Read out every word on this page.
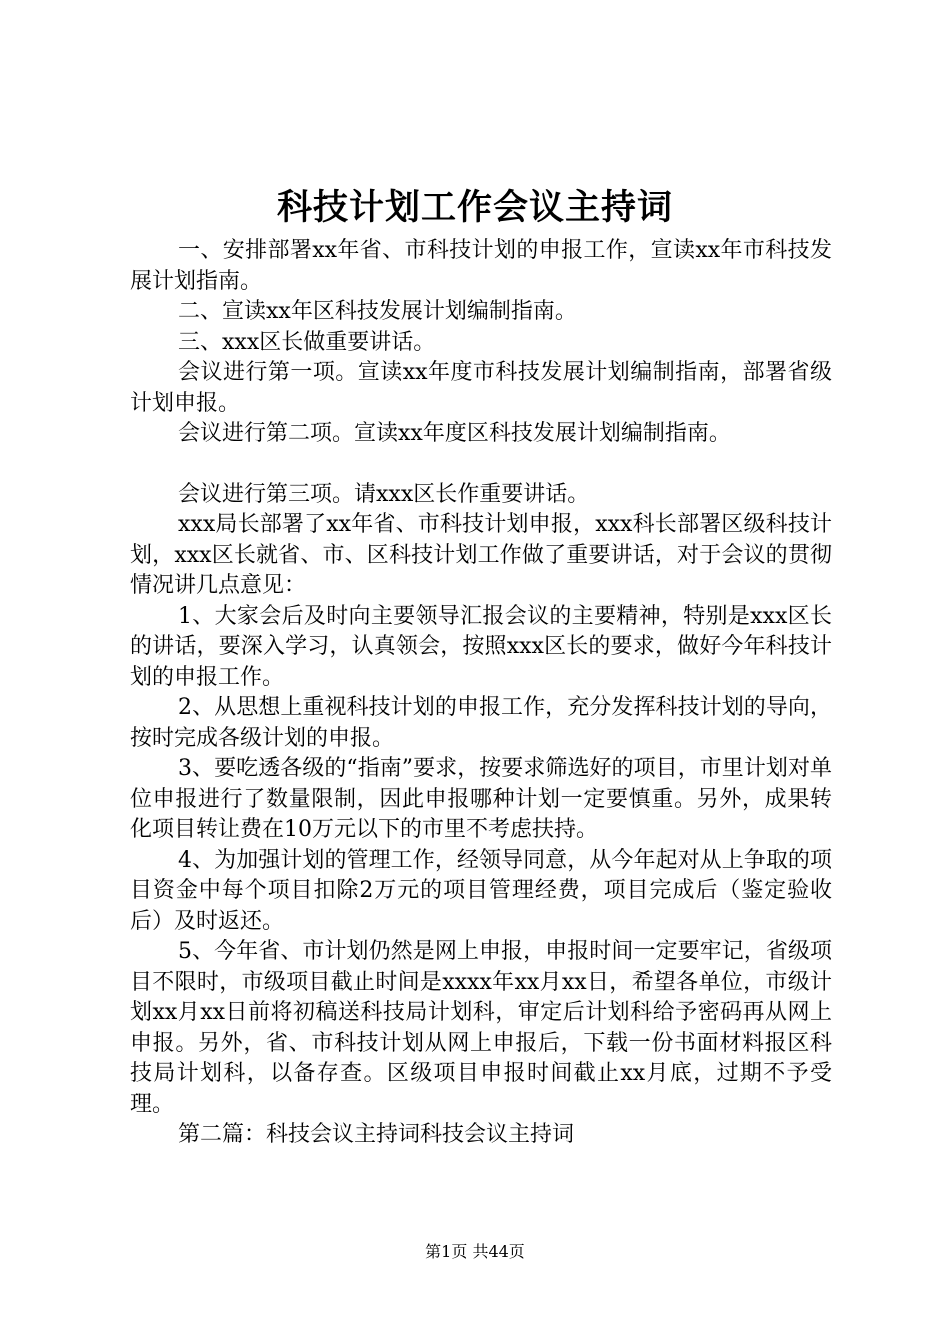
科技计划工作会议主持词

一、安排部署xx年省、市科技计划的申报工作，宣读xx年市科技发展计划指南。

二、宣读xx年区科技发展计划编制指南。

三、xxx区长做重要讲话。

会议进行第一项。宣读xx年度市科技发展计划编制指南，部署省级计划申报。

会议进行第二项。宣读xx年度区科技发展计划编制指南。

会议进行第三项。请xxx区长作重要讲话。

xxx局长部署了xx年省、市科技计划申报，xxx科长部署区级科技计划，xxx区长就省、市、区科技计划工作做了重要讲话，对于会议的贯彻情况讲几点意见：

1、大家会后及时向主要领导汇报会议的主要精神，特别是xxx区长的讲话，要深入学习，认真领会，按照xxx区长的要求，做好今年科技计划的申报工作。

2、从思想上重视科技计划的申报工作，充分发挥科技计划的导向，按时完成各级计划的申报。

3、要吃透各级的“指南”要求，按要求筛选好的项目，市里计划对单位申报进行了数量限制，因此申报哪种计划一定要慎重。另外，成果转化项目转让费在10万元以下的市里不考虑扶持。

4、为加强计划的管理工作，经领导同意，从今年起对从上争取的项目资金中每个项目扣除2万元的项目管理经费，项目完成后（鉴定验收后）及时返还。

5、今年省、市计划仍然是网上申报，申报时间一定要牢记，省级项目不限时，市级项目截止时间是xxxx年xx月xx日，希望各单位，市级计划xx月xx日前将初稿送科技局计划科，审定后计划科给予密码再从网上申报。另外，省、市科技计划从网上申报后，下载一份书面材料报区科技局计划科，以备存查。区级项目申报时间截止xx月底，过期不予受理。

第二篇：科技会议主持词科技会议主持词

第1页 共44页
